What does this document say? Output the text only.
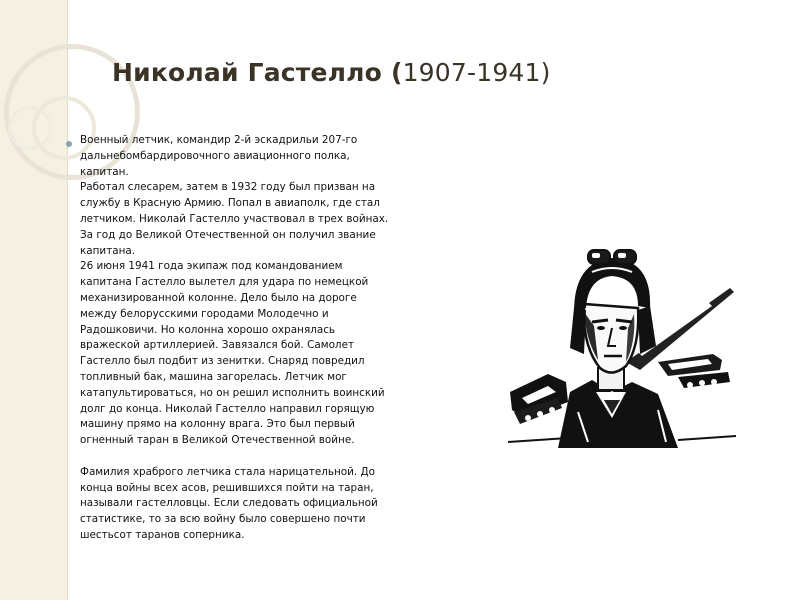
Николай Гастелло (1907-1941)

Военный летчик, командир 2-й эскадрильи 207-го дальнебомбардировочного авиационного полка, капитан.

Работал слесарем, затем в 1932 году был призван на службу в Красную Армию. Попал в авиаполк, где стал летчиком. Николай Гастелло участвовал в трех войнах. За год до Великой Отечественной он получил звание капитана.

26 июня 1941 года экипаж под командованием капитана Гастелло вылетел для удара по немецкой механизированной колонне. Дело было на дороге между белорусскими городами Молодечно и Радошковичи. Но колонна хорошо охранялась вражеской артиллерией. Завязался бой. Самолет Гастелло был подбит из зенитки. Снаряд повредил топливный бак, машина загорелась. Летчик мог катапультироваться, но он решил исполнить воинский долг до конца. Николай Гастелло направил горящую машину прямо на колонну врага. Это был первый огненный таран в Великой Отечественной войне.

Фамилия храброго летчика стала нарицательной. До конца войны всех асов, решившихся пойти на таран, называли гастелловцы. Если следовать официальной статистике, то за всю войну было совершено почти шестьсот таранов соперника.
